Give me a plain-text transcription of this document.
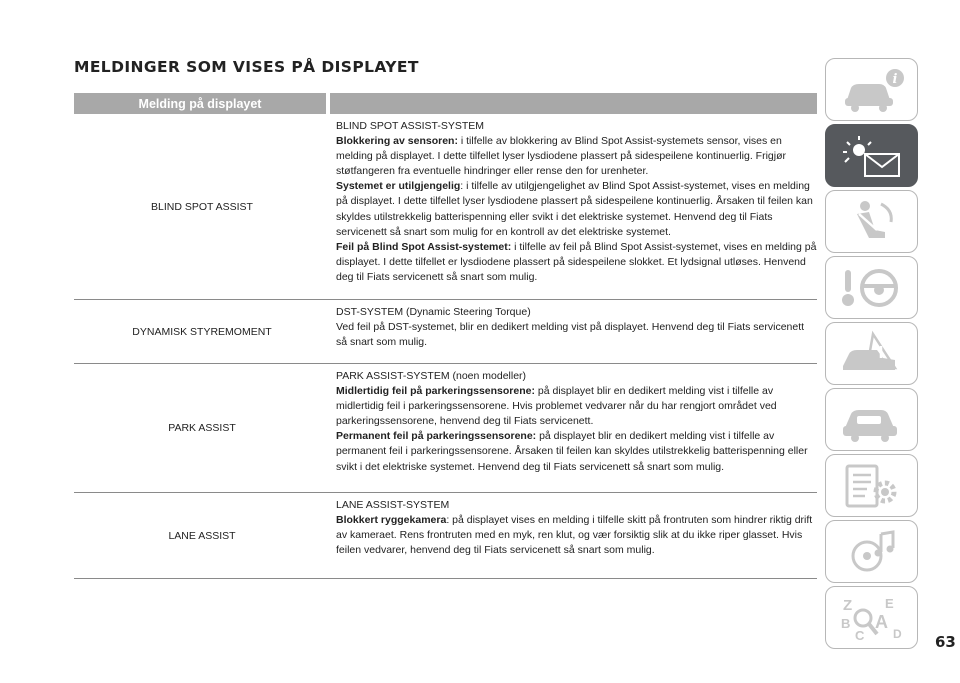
MELDINGER SOM VISES PÅ DISPLAYET
Melding på displayet
BLIND SPOT ASSIST

BLIND SPOT ASSIST-SYSTEM

Blokkering av sensoren: i tilfelle av blokkering av Blind Spot Assist-systemets sensor, vises en melding på displayet. I dette tilfellet lyser lysdiodene plassert på sidespeilene kontinuerlig. Frigjør støtfangeren fra eventuelle hindringer eller rense den for urenheter.

Systemet er utilgjengelig: i tilfelle av utilgjengelighet av Blind Spot Assist-systemet, vises en melding på displayet. I dette tilfellet lyser lysdiodene plassert på sidespeilene kontinuerlig. Årsaken til feilen kan skyldes utilstrekkelig batterispenning eller svikt i det elektriske systemet. Henvend deg til Fiats servicenett så snart som mulig for en kontroll av det elektriske systemet.

Feil på Blind Spot Assist-systemet: i tilfelle av feil på Blind Spot Assist-systemet, vises en melding på displayet. I dette tilfellet er lysdiodene plassert på sidespeilene slokket. Et lydsignal utløses. Henvend deg til Fiats servicenett så snart som mulig.

DYNAMISK STYREMOMENT

DST-SYSTEM (Dynamic Steering Torque)

Ved feil på DST-systemet, blir en dedikert melding vist på displayet. Henvend deg til Fiats servicenett så snart som mulig.

PARK ASSIST

PARK ASSIST-SYSTEM (noen modeller)

Midlertidig feil på parkeringssensorene: på displayet blir en dedikert melding vist i tilfelle av midlertidig feil i parkeringssensorene. Hvis problemet vedvarer når du har rengjort området ved parkeringssensorene, henvend deg til Fiats servicenett.

Permanent feil på parkeringssensorene: på displayet blir en dedikert melding vist i tilfelle av permanent feil i parkeringssensorene. Årsaken til feilen kan skyldes utilstrekkelig batterispenning eller svikt i det elektriske systemet. Henvend deg til Fiats servicenett så snart som mulig.

LANE ASSIST

LANE ASSIST-SYSTEM

Blokkert ryggekamera: på displayet vises en melding i tilfelle skitt på frontruten som hindrer riktig drift av kameraet. Rens frontruten med en myk, ren klut, og vær forsiktig slik at du ikke riper glasset. Hvis feilen vedvarer, henvend deg til Fiats servicenett så snart som mulig.

63
i
Z	E
B A
C D
